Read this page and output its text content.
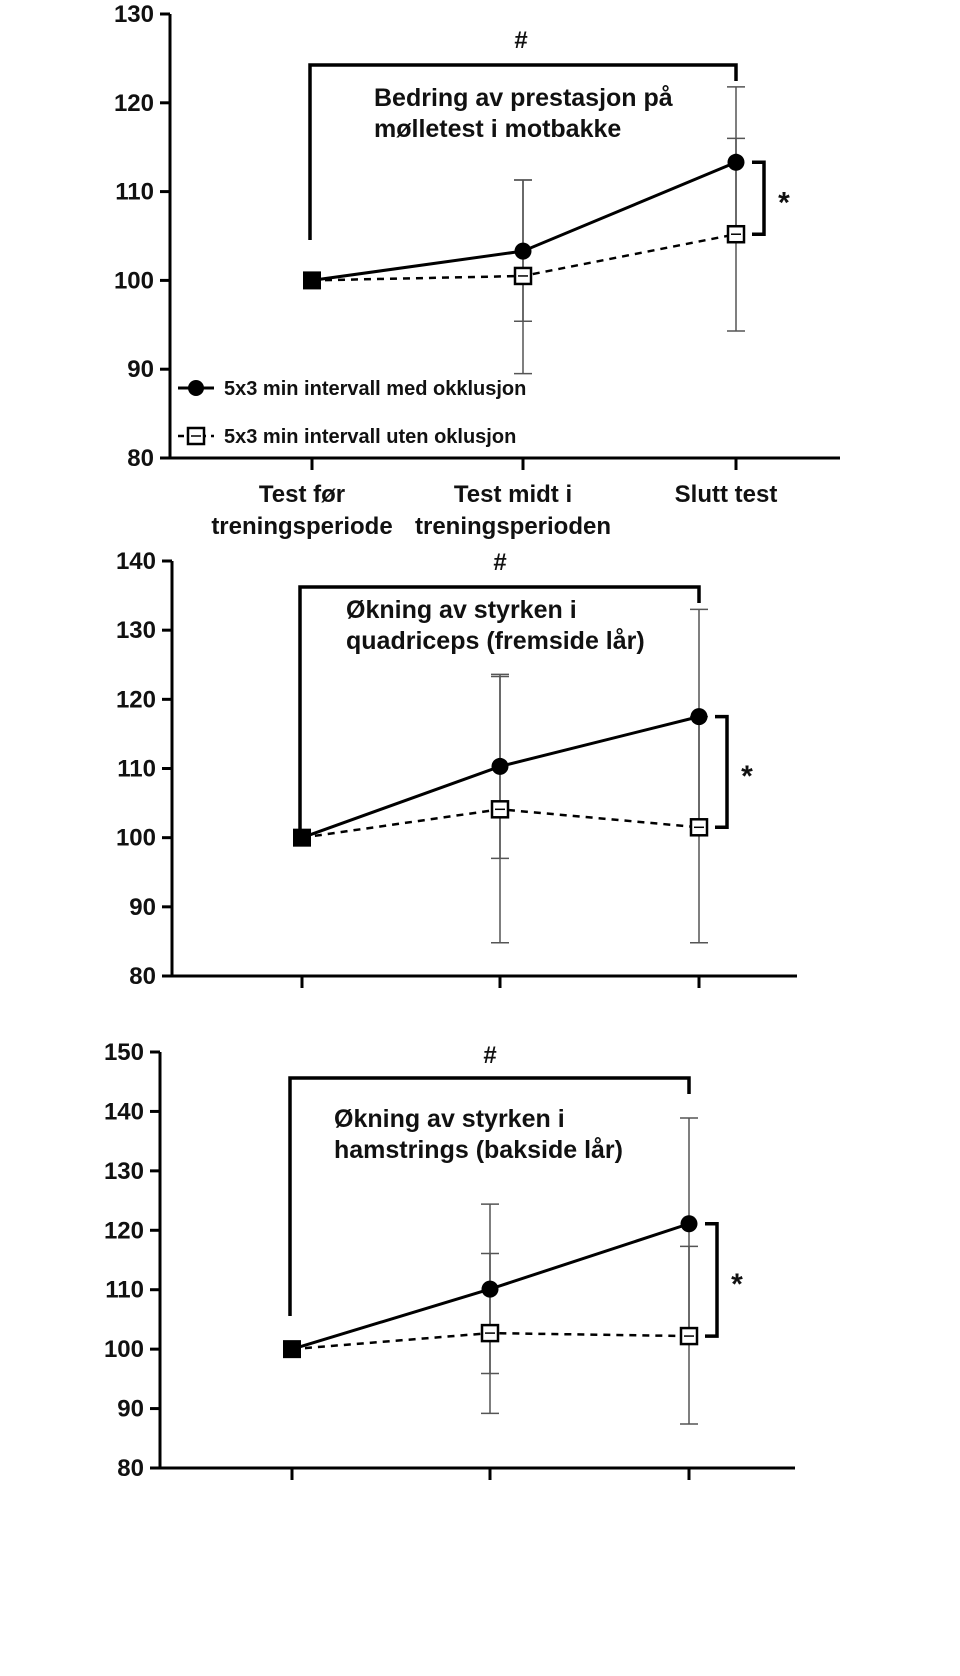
80
90
100
110
120
130
Test før
treningsperiode
Test midt i
treningsperioden
Slutt test
#
*
Bedring av prestasjon på
mølletest i motbakke
5x3 min intervall med okklusjon
5x3 min intervall uten oklusjon
80
90
100
110
120
130
140	#
*
Økning av styrken i
quadriceps (fremside lår)
80
90
100
110
120
130
140
150	#
*
Økning av styrken i
hamstrings (bakside lår)
